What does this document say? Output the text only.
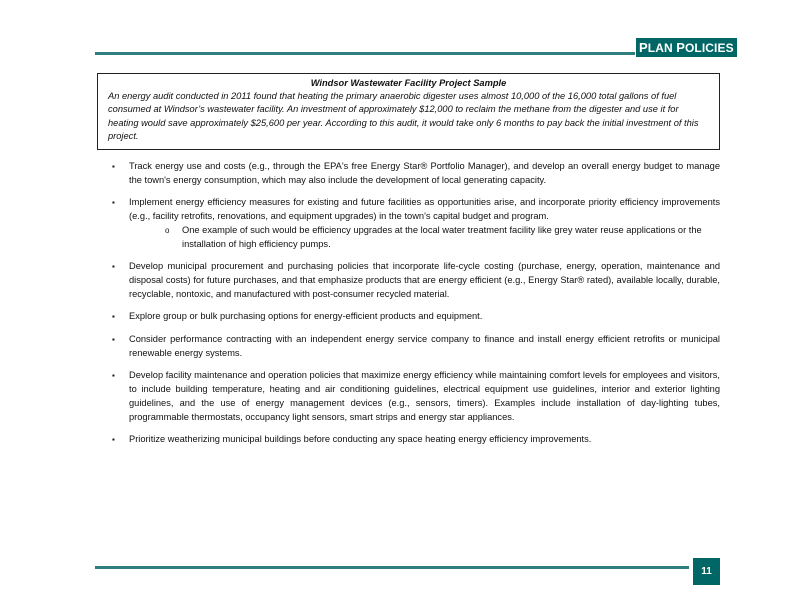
PLAN POLICIES
Windsor Wastewater Facility Project Sample
An energy audit conducted in 2011 found that heating the primary anaerobic digester uses almost 10,000 of the 16,000 total gallons of fuel consumed at Windsor’s wastewater facility. An investment of approximately $12,000 to reclaim the methane from the digester and use it for heating would save approximately $25,600 per year. According to this audit, it would take only 6 months to pay back the initial investment of this project.
▪ Track energy use and costs (e.g., through the EPA's free Energy Star® Portfolio Manager), and develop an overall energy budget to manage the town's energy consumption, which may also include the development of local generating capacity.
▪ Implement energy efficiency measures for existing and future facilities as opportunities arise, and incorporate priority efficiency improvements (e.g., facility retrofits, renovations, and equipment upgrades) in the town's capital budget and program.
o One example of such would be efficiency upgrades at the local water treatment facility like grey water reuse applications or the installation of high efficiency pumps.
▪ Develop municipal procurement and purchasing policies that incorporate life-cycle costing (purchase, energy, operation, maintenance and disposal costs) for future purchases, and that emphasize products that are energy efficient (e.g., Energy Star® rated), available locally, durable, recyclable, nontoxic, and manufactured with post-consumer recycled material.
▪ Explore group or bulk purchasing options for energy-efficient products and equipment.
▪ Consider performance contracting with an independent energy service company to finance and install energy efficient retrofits or municipal renewable energy systems.
▪ Develop facility maintenance and operation policies that maximize energy efficiency while maintaining comfort levels for employees and visitors, to include building temperature, heating and air conditioning guidelines, electrical equipment use guidelines, interior and exterior lighting guidelines, and the use of energy management devices (e.g., sensors, timers). Examples include installation of day-lighting tubes, programmable thermostats, occupancy light sensors, smart strips and energy star appliances.
▪ Prioritize weatherizing municipal buildings before conducting any space heating energy efficiency improvements.
11
